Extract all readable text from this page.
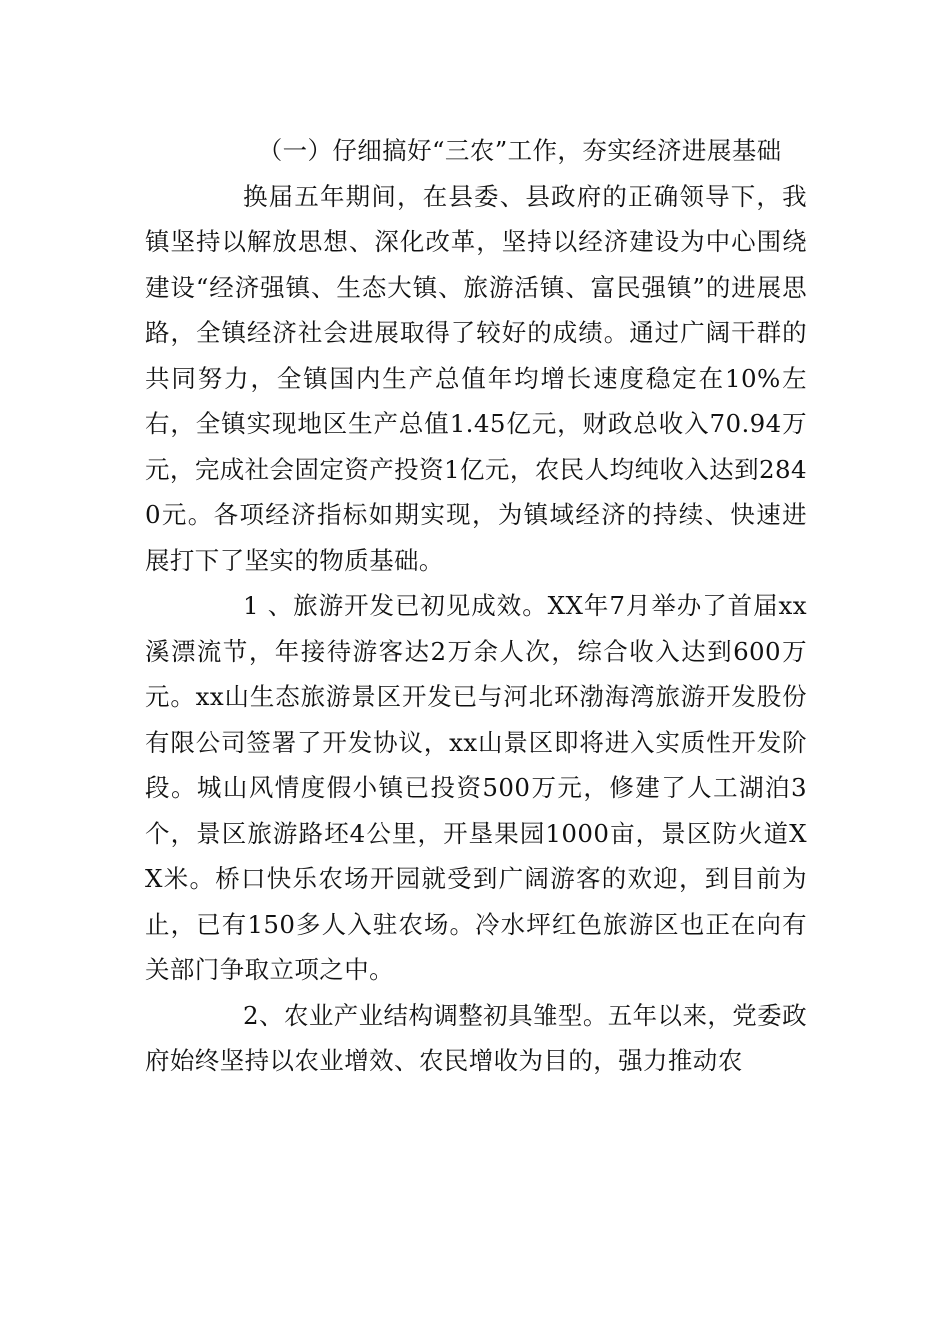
（一）仔细搞好“三农”工作，夯实经济进展基础

换届五年期间，在县委、县政府的正确领导下，我镇坚持以解放思想、深化改革，坚持以经济建设为中心围绕建设“经济强镇、生态大镇、旅游活镇、富民强镇”的进展思路，全镇经济社会进展取得了较好的成绩。通过广阔干群的共同努力，全镇国内生产总值年均增长速度稳定在10%左右，全镇实现地区生产总值1.45亿元，财政总收入70.94万元，完成社会固定资产投资1亿元，农民人均纯收入达到2840元。各项经济指标如期实现，为镇域经济的持续、快速进展打下了坚实的物质基础。

1 、旅游开发已初见成效。XX年7月举办了首届xx溪漂流节，年接待游客达2万余人次，综合收入达到600万元。xx山生态旅游景区开发已与河北环渤海湾旅游开发股份有限公司签署了开发协议，xx山景区即将进入实质性开发阶段。城山风情度假小镇已投资500万元，修建了人工湖泊3个，景区旅游路坯4公里，开垦果园1000亩，景区防火道XX米。桥口快乐农场开园就受到广阔游客的欢迎，到目前为止，已有150多人入驻农场。冷水坪红色旅游区也正在向有关部门争取立项之中。

2、农业产业结构调整初具雏型。五年以来，党委政府始终坚持以农业增效、农民增收为目的，强力推动农
